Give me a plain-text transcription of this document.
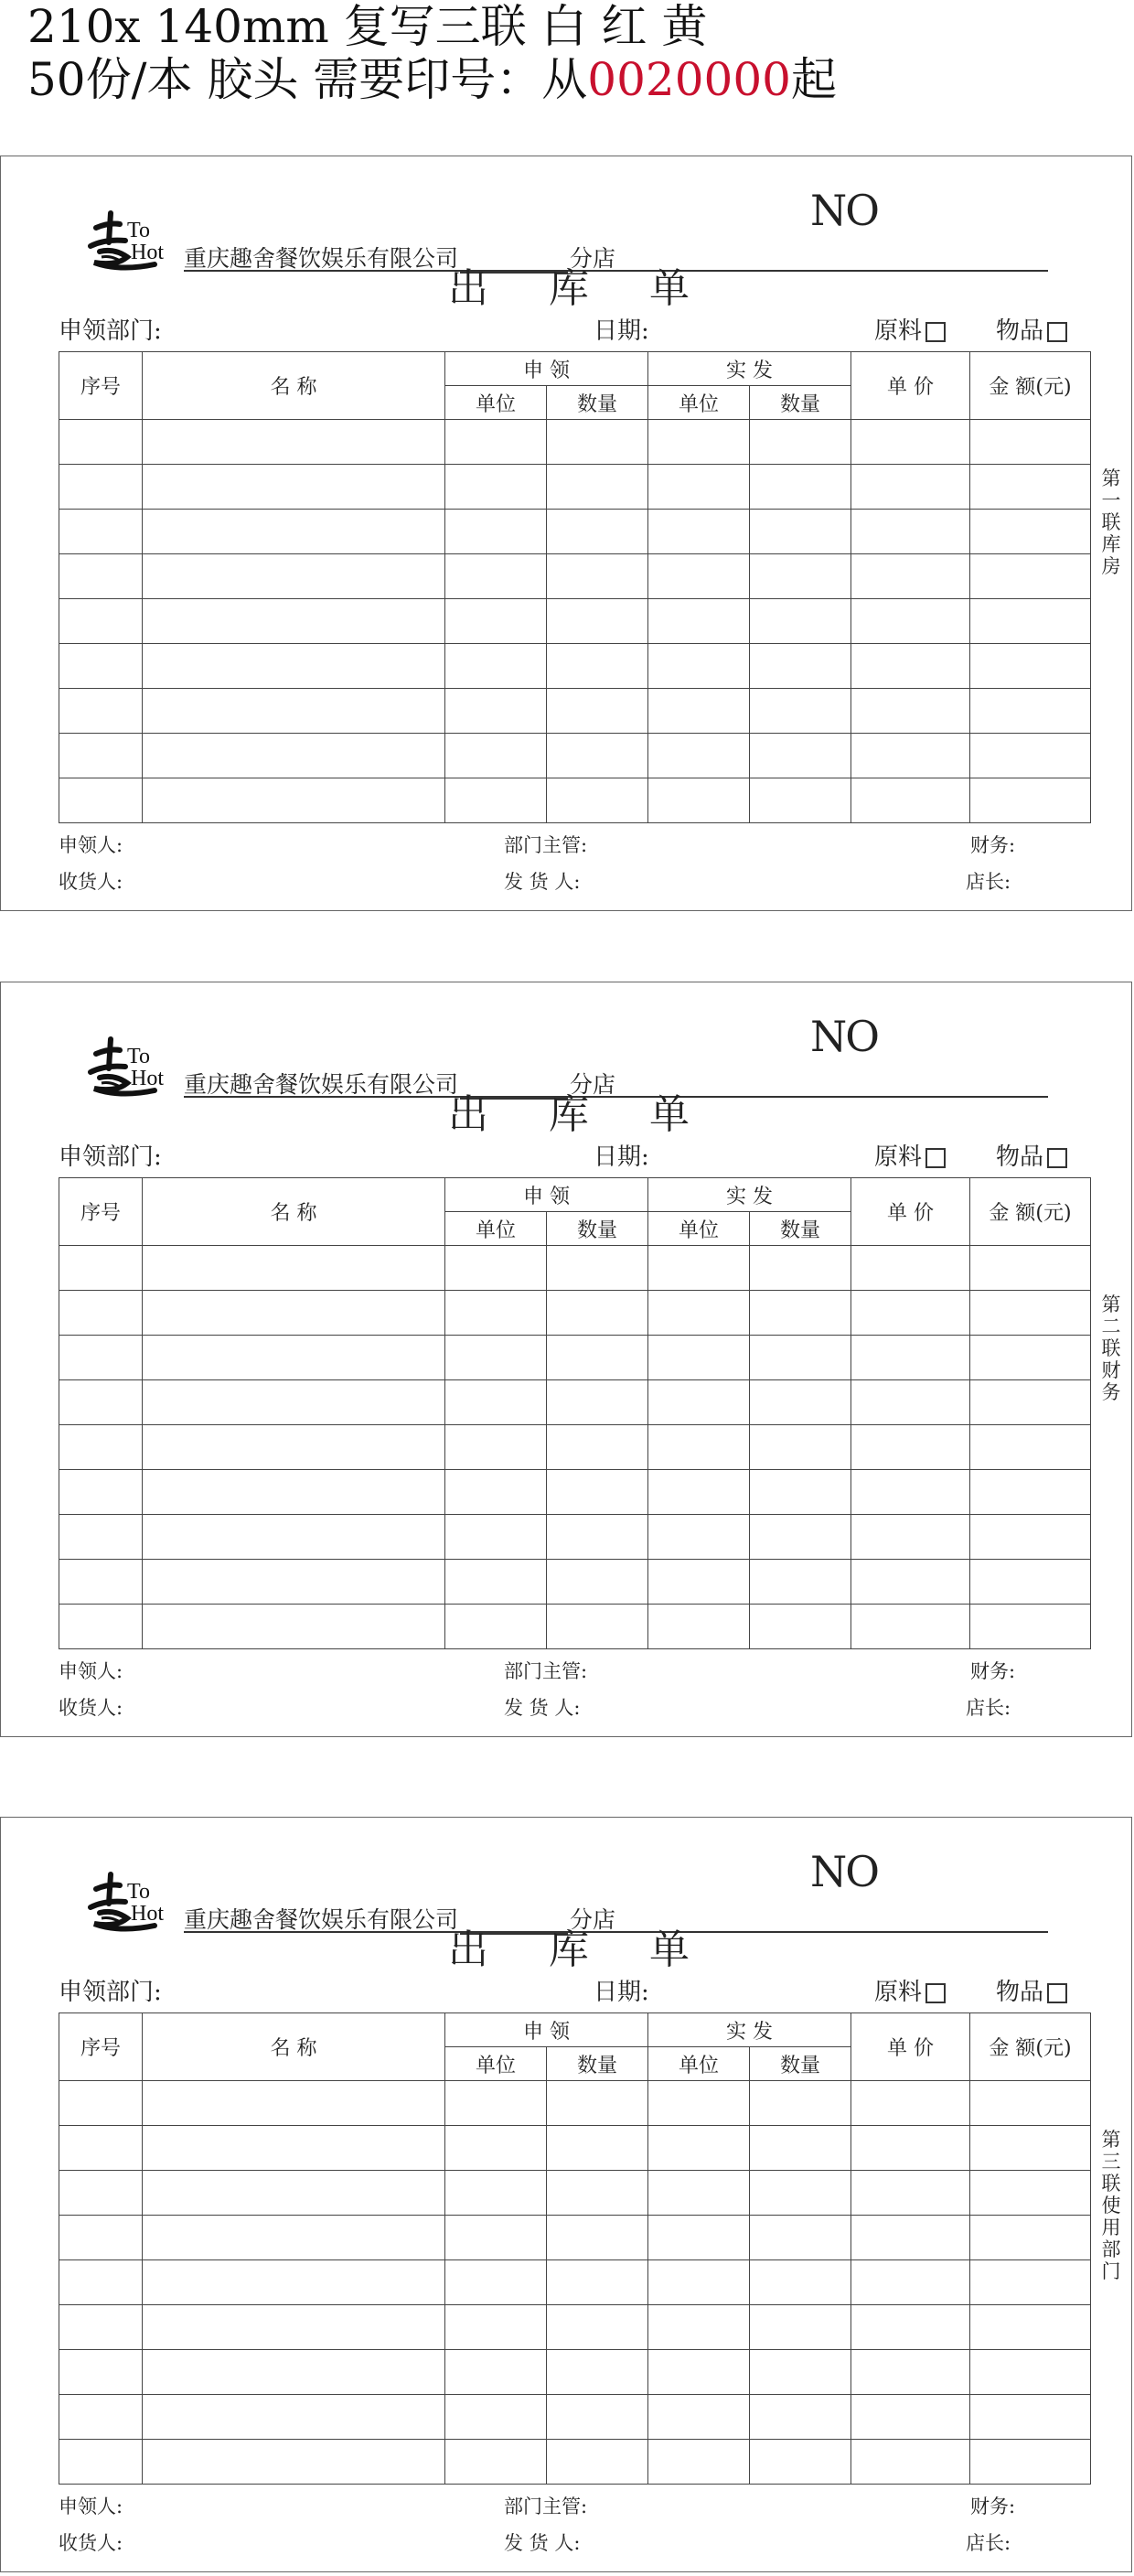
210x 140mm 复写三联 白 红 黄
50份/本 胶头 需要印号：从0020000起
To
Hot
NO
重庆趣舍餐饮娱乐有限公司	分店
出 库 单
申领部门:	日期:	原料	物品
序号	名 称	申 领		实 发		单 价	金 额(元)
		单位	数量	单位	数量		

第一联 库房
申领人:	部门主管:	财务:
收货人:	发 货 人:	店长:
To
Hot
NO
重庆趣舍餐饮娱乐有限公司	分店
出 库 单
申领部门:	日期:	原料	物品
序号	名 称	申 领		实 发		单 价	金 额(元)
		单位	数量	单位	数量		

第二联 财务
申领人:	部门主管:	财务:
收货人:	发 货 人:	店长:
To
Hot
NO
重庆趣舍餐饮娱乐有限公司	分店
出 库 单
申领部门:	日期:	原料	物品
序号	名 称	申 领		实 发		单 价	金 额(元)
		单位	数量	单位	数量		

第三联 使用部门
申领人:	部门主管:	财务:
收货人:	发 货 人:	店长:
